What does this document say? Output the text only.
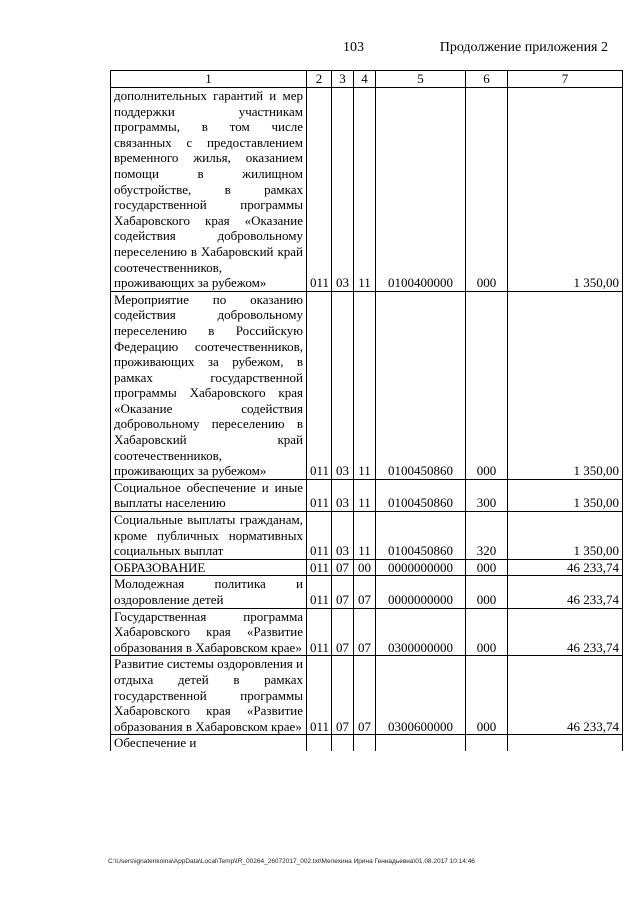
103	Продолжение приложения 2
1	2	3	4	5	6	7
дополнительных гарантий и мер поддержки участникам программы, в том числе связанных с предоставлением временного жилья, оказанием помощи в жилищном обустройстве, в рамках государственной программы Хабаровского края «Оказание содействия добровольному переселению в Хабаровский край соотечественников, проживающих за рубежом»	011	03	11	0100400000	000	1 350,00
Мероприятие по оказанию содействия добровольному переселению в Российскую Федерацию соотечественников, проживающих за рубежом, в рамках государственной программы Хабаровского края «Оказание содействия добровольному переселению в Хабаровский край соотечественников, проживающих за рубежом»	011	03	11	0100450860	000	1 350,00
Социальное обеспечение и иные выплаты населению	011	03	11	0100450860	300	1 350,00
Социальные выплаты гражданам, кроме публичных нормативных социальных выплат	011	03	11	0100450860	320	1 350,00
ОБРАЗОВАНИЕ	011	07	00	0000000000	000	46 233,74
Молодежная политика и оздоровление детей	011	07	07	0000000000	000	46 233,74
Государственная программа Хабаровского края «Развитие образования в Хабаровском крае»	011	07	07	0300000000	000	46 233,74
Развитие системы оздоровления и отдыха детей в рамках государственной программы Хабаровского края «Развитие образования в Хабаровском крае»	011	07	07	0300600000	000	46 233,74
Обеспечение и						
C:\Users\ignatenkoina\AppData\Local\Temp\IR_00264_26072017_002.txt\Мелехина Ирина Геннадьевна\01.08.2017 10:14:46
